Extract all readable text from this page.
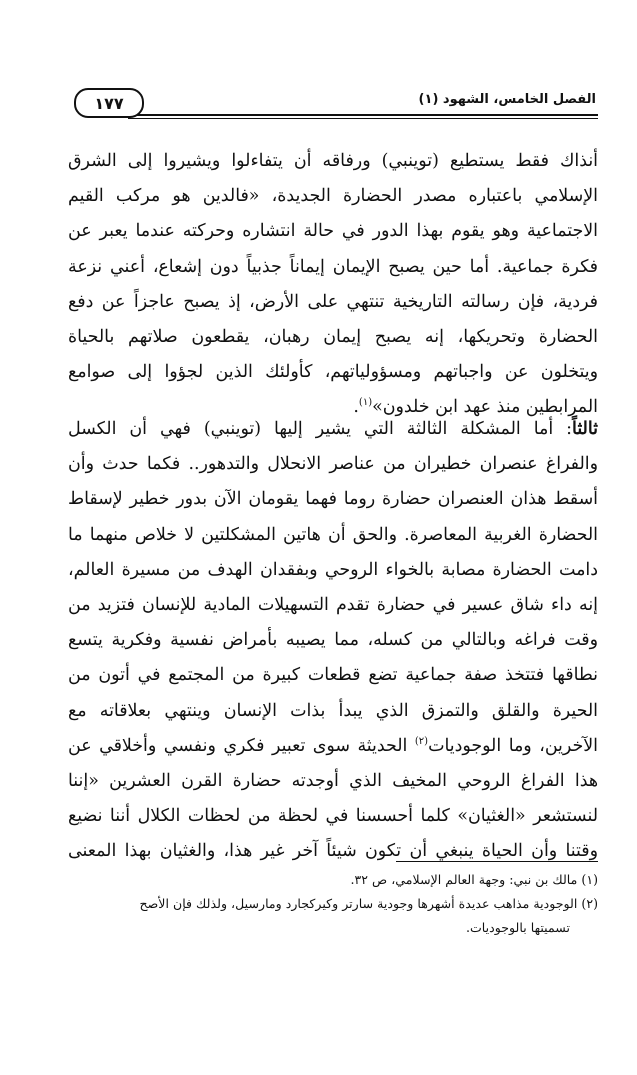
١٧٧	الفصل الخامس، الشهود (١)
أنذاك فقط يستطيع (توينبي) ورفاقه أن يتفاءلوا ويشيروا إلى الشرق
الإسلامي باعتباره مصدر الحضارة الجديدة، «فالدين هو مركب القيم
الاجتماعية وهو يقوم بهذا الدور في حالة انتشاره وحركته عندما يعبر عن
فكرة جماعية. أما حين يصبح الإيمان إيماناً جذبياً دون إشعاع، أعني نزعة
فردية، فإن رسالته التاريخية تنتهي على الأرض، إذ يصبح عاجزاً عن دفع
الحضارة وتحريكها، إنه يصبح إيمان رهبان، يقطعون صلاتهم بالحياة
ويتخلون عن واجباتهم ومسؤولياتهم، كأولئك الذين لجؤوا إلى صوامع
المرابطين منذ عهد ابن خلدون»$^{(١)}$.
ثالثاً: أما المشكلة الثالثة التي يشير إليها (توينبي) فهي أن الكسل
والفراغ عنصران خطيران من عناصر الانحلال والتدهور.. فكما حدث وأن
أسقط هذان العنصران حضارة روما فهما يقومان الآن بدور خطير لإسقاط
الحضارة الغربية المعاصرة. والحق أن هاتين المشكلتين لا خلاص منهما ما
دامت الحضارة مصابة بالخواء الروحي وبفقدان الهدف من مسيرة العالم،
إنه داء شاق عسير في حضارة تقدم التسهيلات المادية للإنسان فتزيد من
وقت فراغه وبالتالي من كسله، مما يصيبه بأمراض نفسية وفكرية يتسع
نطاقها فتتخذ صفة جماعية تضع قطعات كبيرة من المجتمع في أتون من
الحيرة والقلق والتمزق الذي يبدأ بذات الإنسان وينتهي بعلاقاته مع
الآخرين، وما الوجوديات$^{(٢)}$ الحديثة سوى تعبير فكري ونفسي وأخلاقي عن
هذا الفراغ الروحي المخيف الذي أوجدته حضارة القرن العشرين «إننا
لنستشعر «الغثيان» كلما أحسسنا في لحظة من لحظات الكلال أننا نضيع
وقتنا وأن الحياة ينبغي أن تكون شيئاً آخر غير هذا، والغثيان بهذا المعنى
(١) مالك بن نبي: وجهة العالم الإسلامي، ص ٣٢.
(٢) الوجودية مذاهب عديدة أشهرها وجودية سارتر وكيركجارد ومارسيل، ولذلك فإن الأصح
تسميتها بالوجوديات.
